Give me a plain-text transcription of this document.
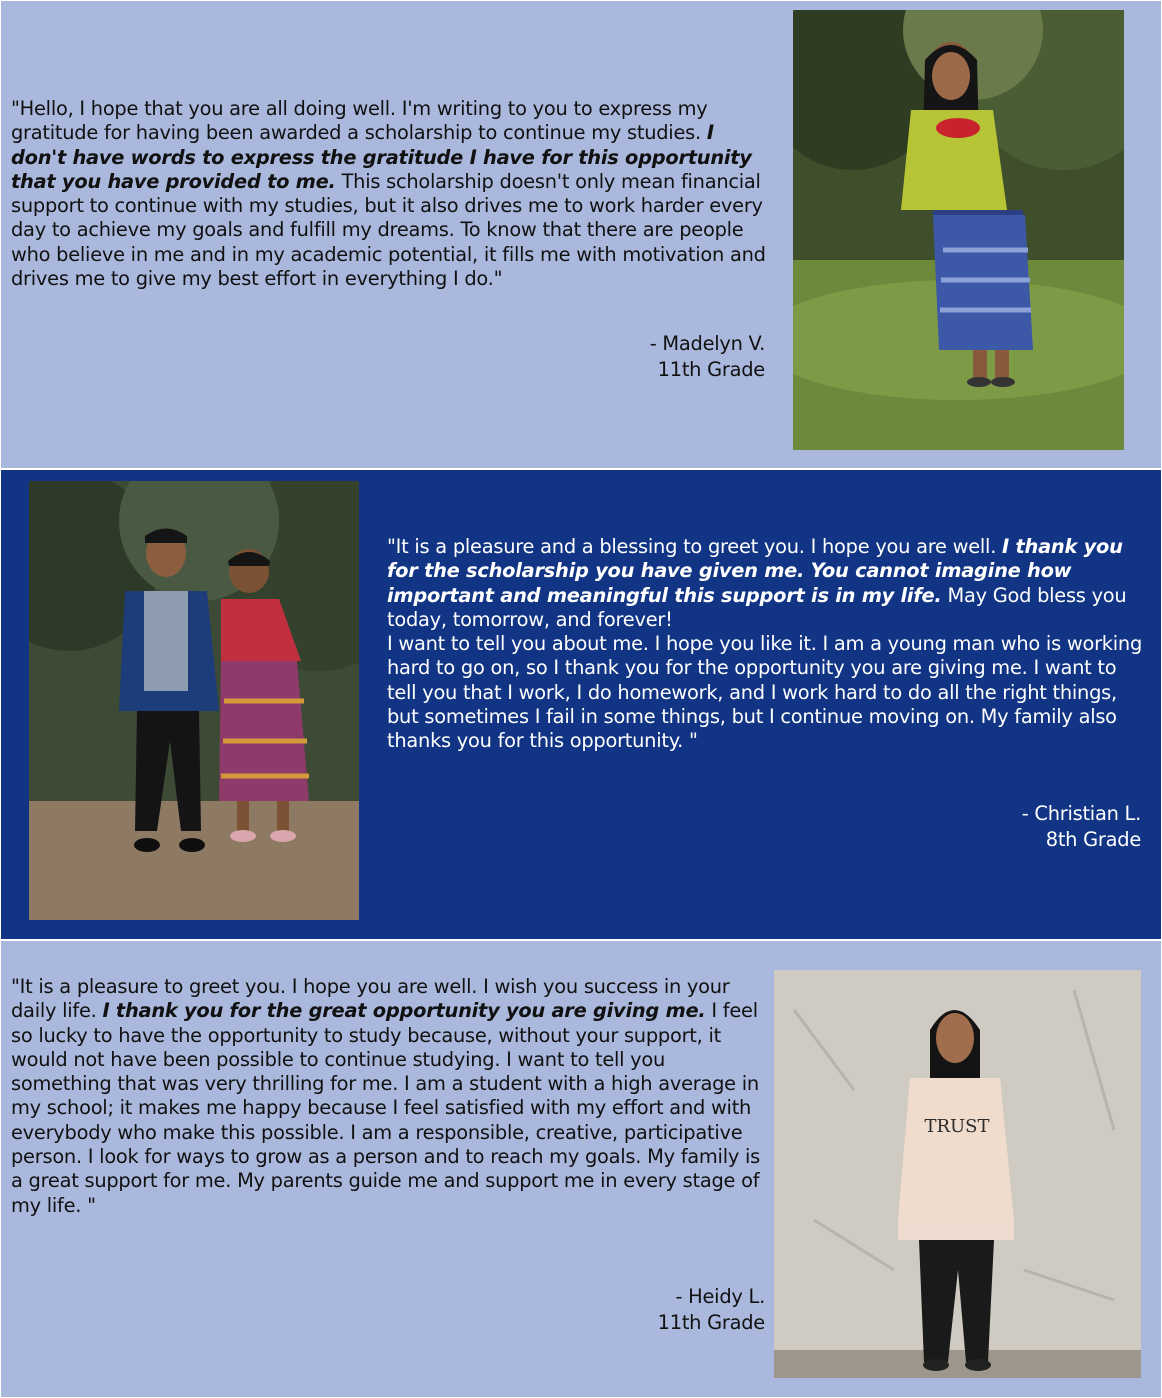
"Hello, I hope that you are all doing well. I'm writing to you to express my gratitude for having been awarded a scholarship to continue my studies. I don't have words to express the gratitude I have for this opportunity that you have provided to me. This scholarship doesn't only mean financial support to continue with my studies, but it also drives me to work harder every day to achieve my goals and fulfill my dreams. To know that there are people who believe in me and in my academic potential, it fills me with motivation and drives me to give my best effort in everything I do."

- Madelyn V.
11th Grade

"It is a pleasure and a blessing to greet you. I hope you are well. I thank you for the scholarship you have given me. You cannot imagine how important and meaningful this support is in my life. May God bless you today, tomorrow, and forever!
I want to tell you about me. I hope you like it. I am a young man who is working hard to go on, so I thank you for the opportunity you are giving me. I want to tell you that I work, I do homework, and I work hard to do all the right things, but sometimes I fail in some things, but I continue moving on. My family also thanks you for this opportunity. "

- Christian L.
8th Grade

"It is a pleasure to greet you. I hope you are well. I wish you success in your daily life. I thank you for the great opportunity you are giving me. I feel so lucky to have the opportunity to study because, without your support, it would not have been possible to continue studying. I want to tell you something that was very thrilling for me. I am a student with a high average in my school; it makes me happy because I feel satisfied with my effort and with everybody who make this possible. I am a responsible, creative, participative person. I look for ways to grow as a person and to reach my goals. My family is a great support for me. My parents guide me and support me in every stage of my life. "

- Heidy L.
11th Grade
TRUST
